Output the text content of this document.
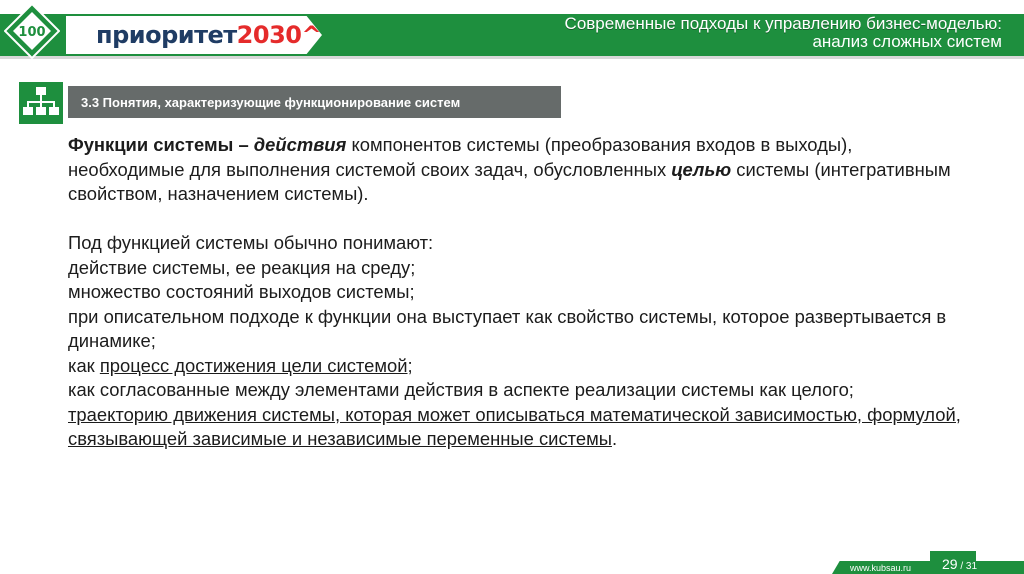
100 приоритет2030^	Современные подходы к управлению бизнес-моделью:
анализ сложных систем
3.3 Понятия, характеризующие функционирование систем

Функции системы – действия компонентов системы (преобразования входов в выходы), необходимые для выполнения системой своих задач, обусловленных целью системы (интегративным свойством, назначением системы).

Под функцией системы обычно понимают:

действие системы, ее реакция на среду;

множество состояний выходов системы;

при описательном подходе к функции она выступает как свойство системы, которое развертывается в динамике;

как процесс достижения цели системой;

как согласованные между элементами действия в аспекте реализации системы как целого;

траекторию движения системы, которая может описываться математической зависимостью, формулой, связывающей зависимые и независимые переменные системы.

www.kubsau.ru 29 / 31
